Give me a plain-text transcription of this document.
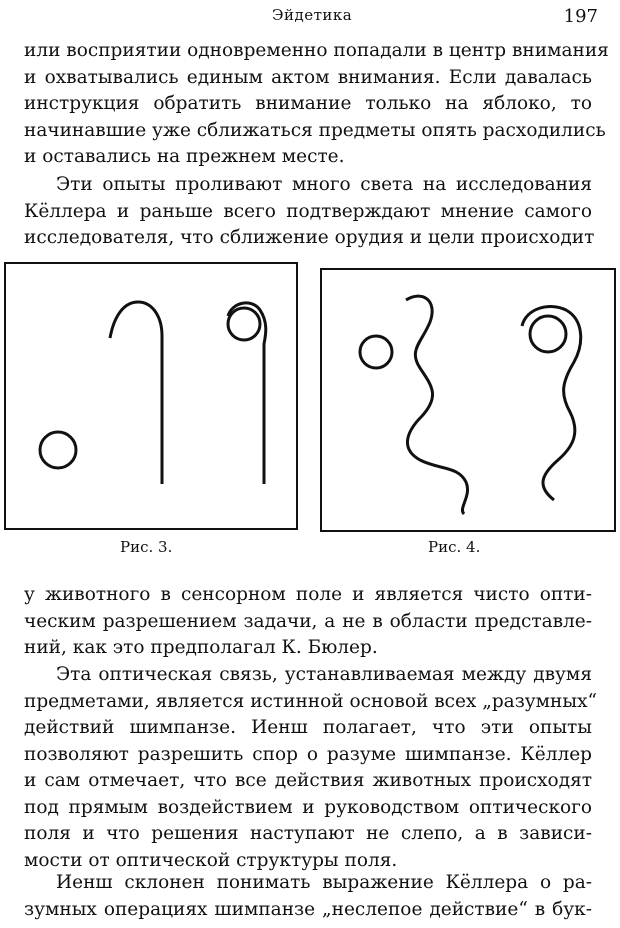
Эйдетика	197
или восприятии одновременно попадали в центр внимания
и охватывались единым актом внимания. Если давалась
инструкция обратить внимание только на яблоко, то
начинавшие уже сближаться предметы опять расходились
и оставались на прежнем месте.
Эти опыты проливают много света на исследования
Кёллера и раньше всего подтверждают мнение самого
исследователя, что сближение орудия и цели происходит
Рис. 3.	Рис. 4.
у животного в сенсорном поле и является чисто опти-
ческим разрешением задачи, а не в области представле-
ний, как это предполагал К. Бюлер.
Эта оптическая связь, устанавливаемая между двумя
предметами, является истинной основой всех „разумных“
действий шимпанзе. Иенш полагает, что эти опыты
позволяют разрешить спор о разуме шимпанзе. Кёллер
и сам отмечает, что все действия животных происходят
под прямым воздействием и руководством оптического
поля и что решения наступают не слепо, а в зависи-
мости от оптической структуры поля.
Иенш склонен понимать выражение Кёллера о ра-
зумных операциях шимпанзе „неслепое действие“ в бук-
